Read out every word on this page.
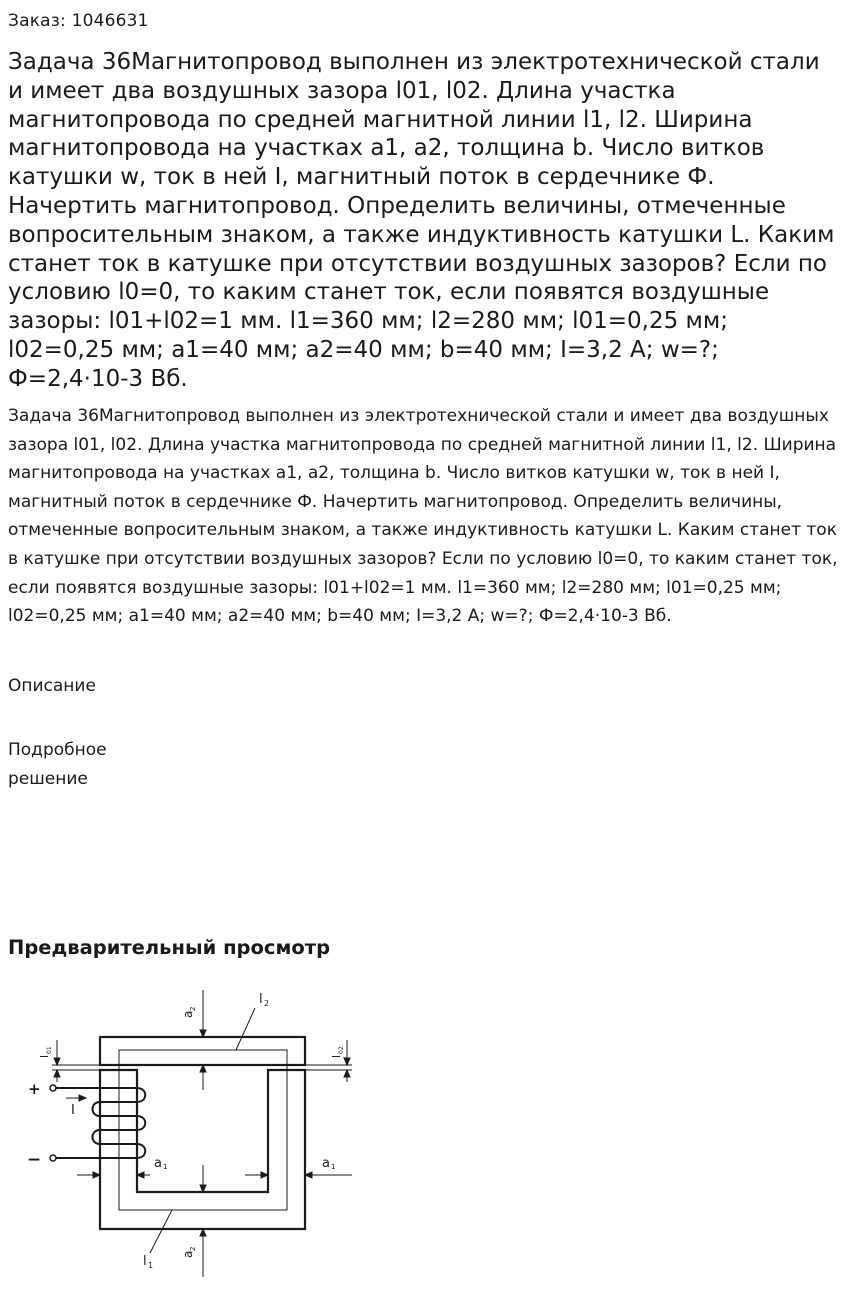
Заказ: 1046631
Задача 36Магнитопровод выполнен из электротехнической стали и имеет два воздушных зазора l01, l02. Длина участка магнитопровода по средней магнитной линии l1, l2. Ширина магнитопровода на участках a1, a2, толщина b. Число витков катушки w, ток в ней I, магнитный поток в сердечнике Ф. Начертить магнитопровод. Определить величины, отмеченные вопросительным знаком, а также индуктивность катушки L. Каким станет ток в катушке при отсутствии воздушных зазоров? Если по условию l0=0, то каким станет ток, если появятся воздушные зазоры: l01+l02=1 мм. l1=360 мм; l2=280 мм; l01=0,25 мм; l02=0,25 мм; a1=40 мм; a2=40 мм; b=40 мм; I=3,2 А; w=?; Ф=2,4·10-3 Вб.

Задача 36Магнитопровод выполнен из электротехнической стали и имеет два воздушных зазора l01, l02. Длина участка магнитопровода по средней магнитной линии l1, l2. Ширина магнитопровода на участках a1, a2, толщина b. Число витков катушки w, ток в ней I, магнитный поток в сердечнике Ф. Начертить магнитопровод. Определить величины, отмеченные вопросительным знаком, а также индуктивность катушки L. Каким станет ток в катушке при отсутствии воздушных зазоров? Если по условию l0=0, то каким станет ток, если появятся воздушные зазоры: l01+l02=1 мм. l1=360 мм; l2=280 мм; l01=0,25 мм; l02=0,25 мм; a1=40 мм; a2=40 мм; b=40 мм; I=3,2 А; w=?; Ф=2,4·10-3 Вб.

Описание
Подробное решение
Предварительный просмотр
+
−
I
l 2
l 1
a
2
a
2
a 1	a 1
l
01
l
02
